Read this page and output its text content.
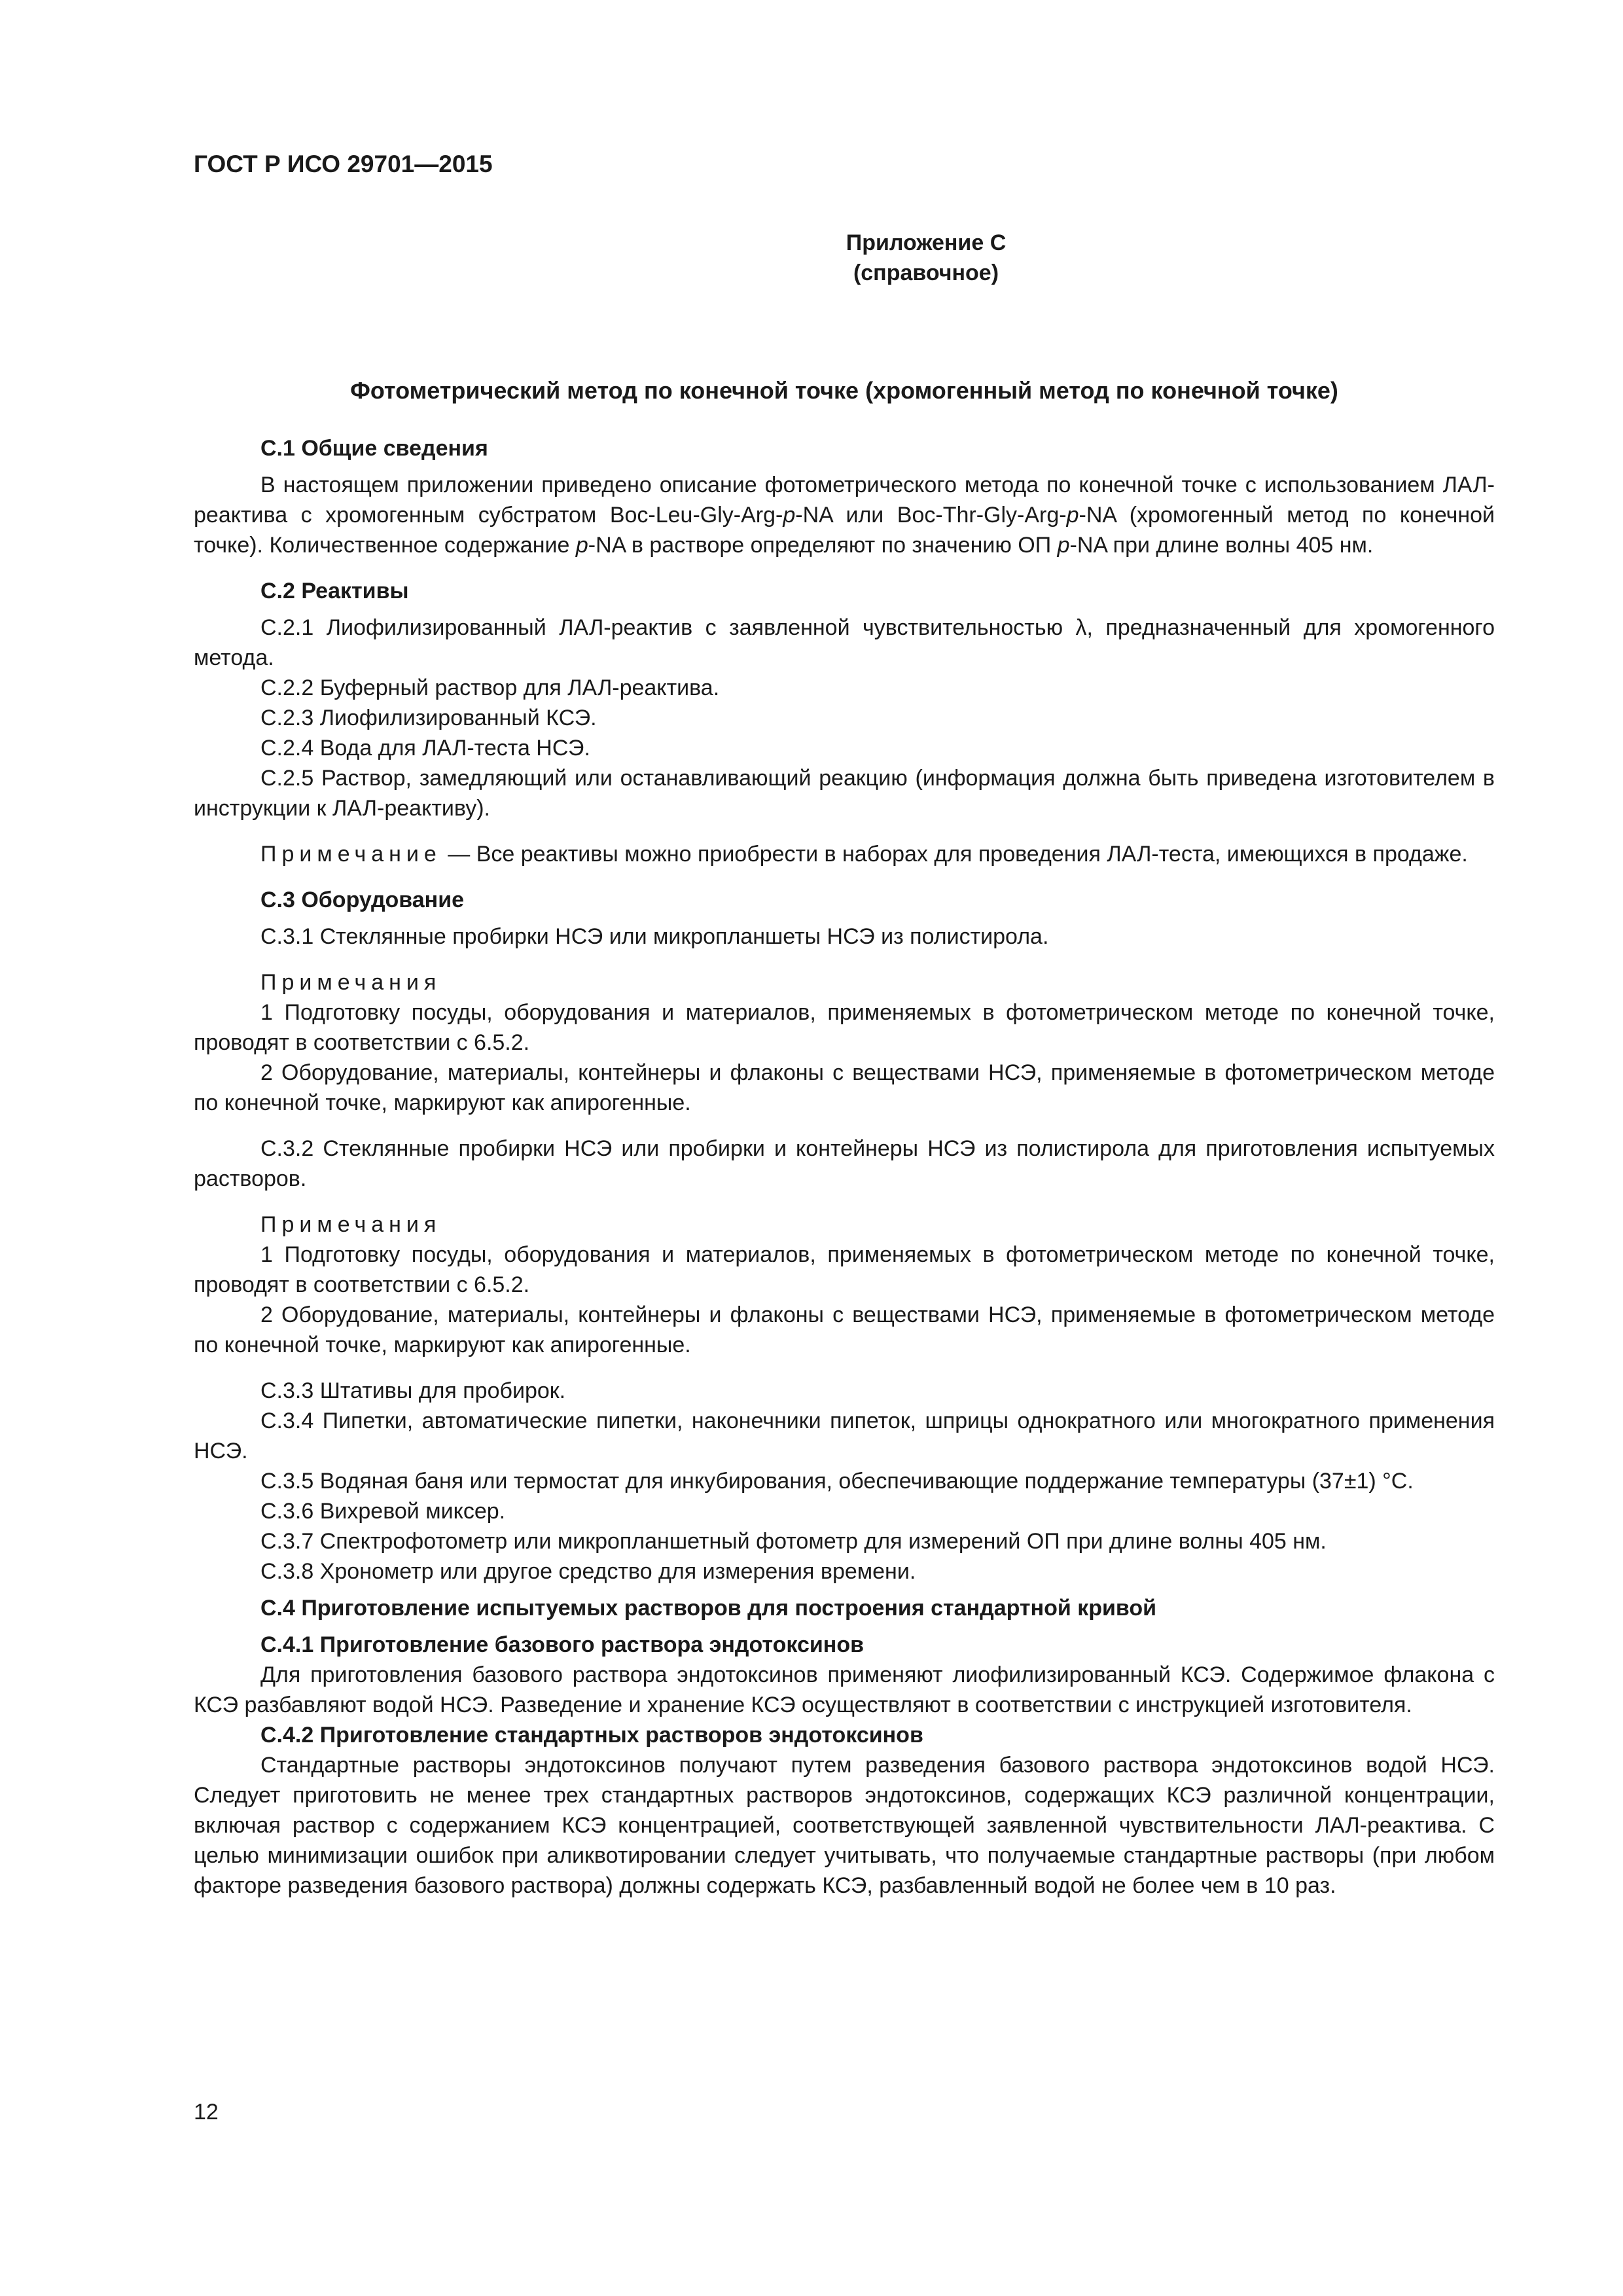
ГОСТ Р ИСО 29701—2015
Приложение С
(справочное)
Фотометрический метод по конечной точке (хромогенный метод по конечной точке)
С.1 Общие сведения

В настоящем приложении приведено описание фотометрического метода по конечной точке с использованием ЛАЛ-реактива с хромогенным субстратом Boc-Leu-Gly-Arg-p-NA или Boc-Thr-Gly-Arg-p-NA (хромогенный метод по конечной точке). Количественное содержание p-NA в растворе определяют по значению ОП p-NA при длине волны 405 нм.

С.2 Реактивы

С.2.1 Лиофилизированный ЛАЛ-реактив с заявленной чувствительностью λ, предназначенный для хромогенного метода.

С.2.2 Буферный раствор для ЛАЛ-реактива.

С.2.3 Лиофилизированный КСЭ.

С.2.4 Вода для ЛАЛ-теста НСЭ.

С.2.5 Раствор, замедляющий или останавливающий реакцию (информация должна быть приведена изготовителем в инструкции к ЛАЛ-реактиву).

Примечание — Все реактивы можно приобрести в наборах для проведения ЛАЛ-теста, имеющихся в продаже.

С.3 Оборудование

С.3.1 Стеклянные пробирки НСЭ или микропланшеты НСЭ из полистирола.

Примечания

1 Подготовку посуды, оборудования и материалов, применяемых в фотометрическом методе по конечной точке, проводят в соответствии с 6.5.2.

2 Оборудование, материалы, контейнеры и флаконы с веществами НСЭ, применяемые в фотометрическом методе по конечной точке, маркируют как апирогенные.

С.3.2 Стеклянные пробирки НСЭ или пробирки и контейнеры НСЭ из полистирола для приготовления испытуемых растворов.

Примечания

1 Подготовку посуды, оборудования и материалов, применяемых в фотометрическом методе по конечной точке, проводят в соответствии с 6.5.2.

2 Оборудование, материалы, контейнеры и флаконы с веществами НСЭ, применяемые в фотометрическом методе по конечной точке, маркируют как апирогенные.

С.3.3 Штативы для пробирок.

С.3.4 Пипетки, автоматические пипетки, наконечники пипеток, шприцы однократного или многократного применения НСЭ.

С.3.5 Водяная баня или термостат для инкубирования, обеспечивающие поддержание температуры (37±1) °С.

С.3.6 Вихревой миксер.

С.3.7 Спектрофотометр или микропланшетный фотометр для измерений ОП при длине волны 405 нм.

С.3.8 Хронометр или другое средство для измерения времени.

С.4 Приготовление испытуемых растворов для построения стандартной кривой
С.4.1 Приготовление базового раствора эндотоксинов

Для приготовления базового раствора эндотоксинов применяют лиофилизированный КСЭ. Содержимое флакона с КСЭ разбавляют водой НСЭ. Разведение и хранение КСЭ осуществляют в соответствии с инструкцией изготовителя.

С.4.2 Приготовление стандартных растворов эндотоксинов

Стандартные растворы эндотоксинов получают путем разведения базового раствора эндотоксинов водой НСЭ. Следует приготовить не менее трех стандартных растворов эндотоксинов, содержащих КСЭ различной концентрации, включая раствор с содержанием КСЭ концентрацией, соответствующей заявленной чувствительности ЛАЛ-реактива. С целью минимизации ошибок при аликвотировании следует учитывать, что получаемые стандартные растворы (при любом факторе разведения базового раствора) должны содержать КСЭ, разбавленный водой не более чем в 10 раз.

12
